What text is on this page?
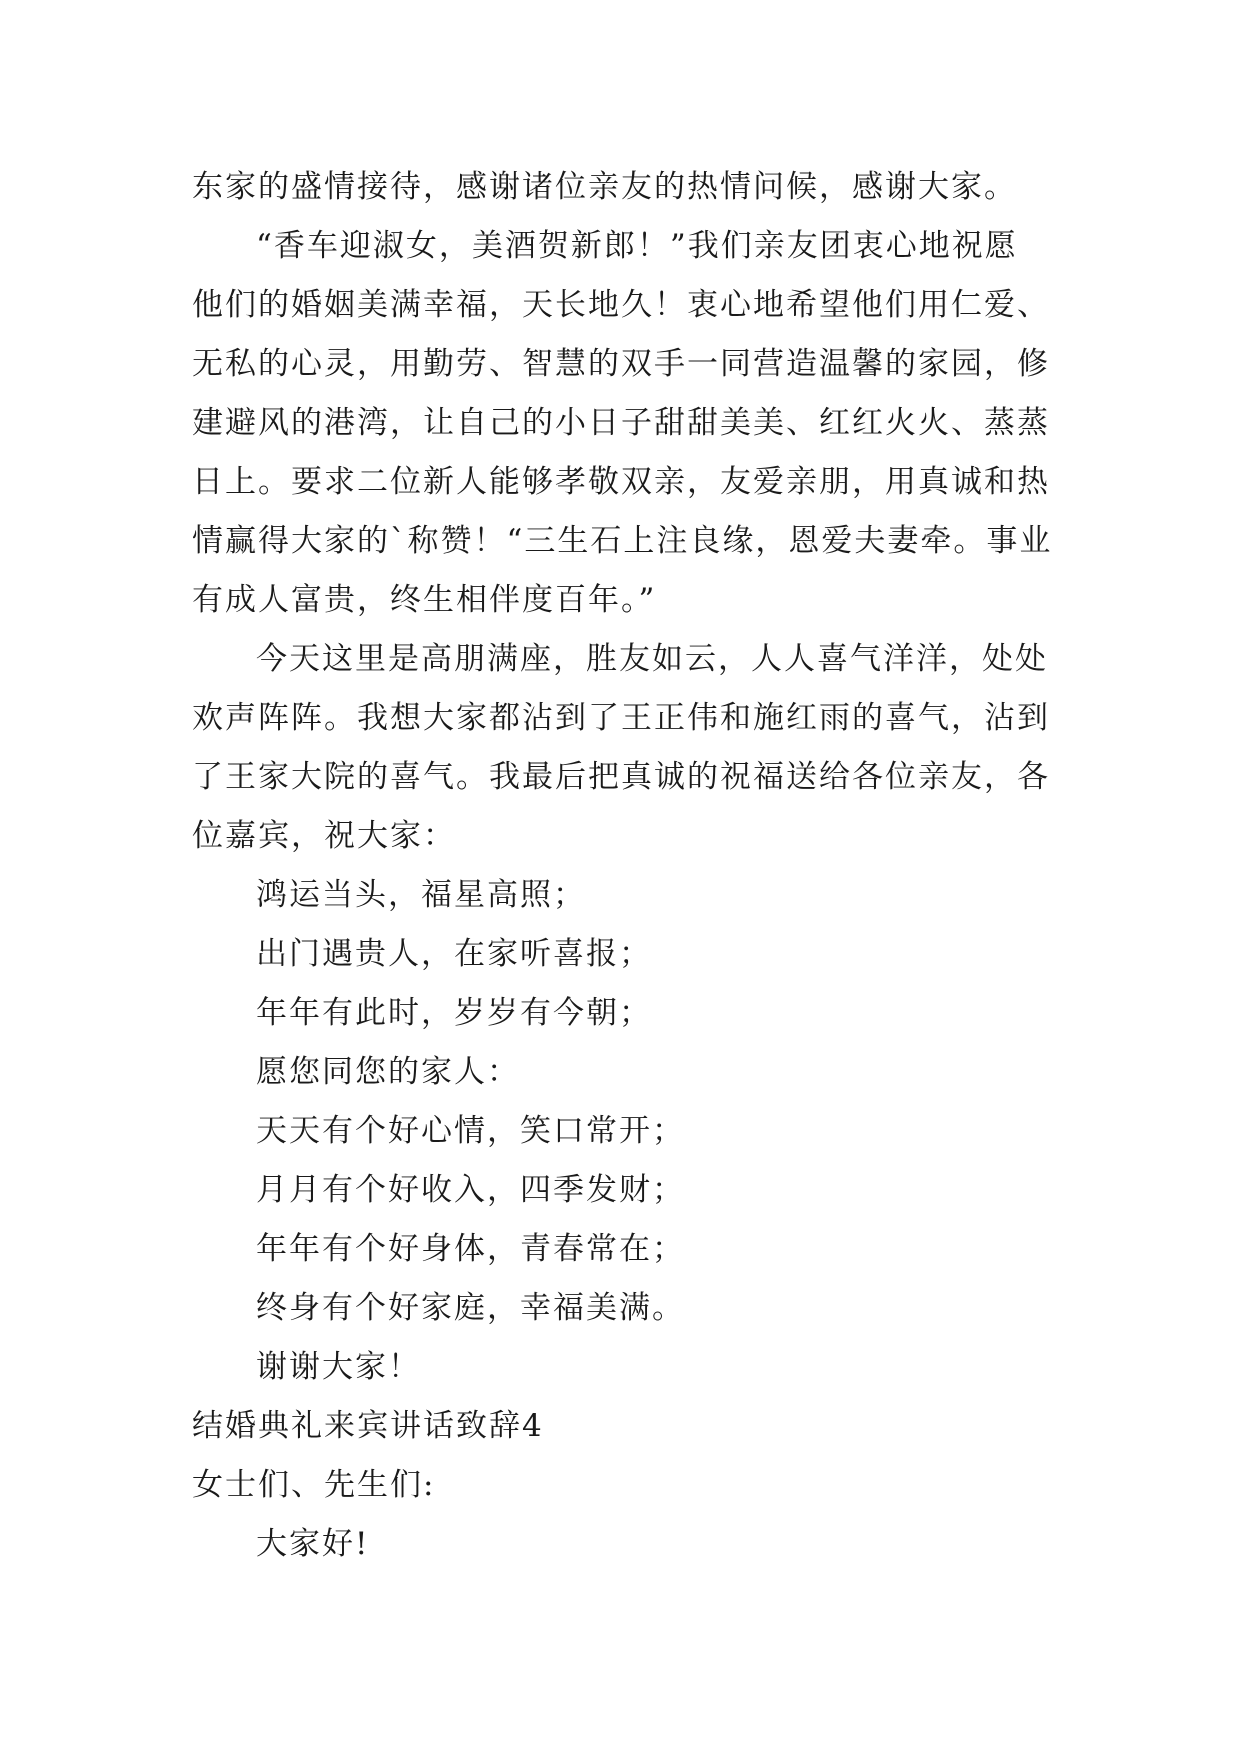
东家的盛情接待，感谢诸位亲友的热情问候，感谢大家。
“香车迎淑女，美酒贺新郎！”我们亲友团衷心地祝愿
他们的婚姻美满幸福，天长地久！衷心地希望他们用仁爱、
无私的心灵，用勤劳、智慧的双手一同营造温馨的家园，修
建避风的港湾，让自己的小日子甜甜美美、红红火火、蒸蒸
日上。要求二位新人能够孝敬双亲，友爱亲朋，用真诚和热
情赢得大家的`称赞！“三生石上注良缘，恩爱夫妻牵。事业
有成人富贵，终生相伴度百年。”
今天这里是高朋满座，胜友如云，人人喜气洋洋，处处
欢声阵阵。我想大家都沾到了王正伟和施红雨的喜气，沾到
了王家大院的喜气。我最后把真诚的祝福送给各位亲友，各
位嘉宾，祝大家：
鸿运当头，福星高照；
出门遇贵人，在家听喜报；
年年有此时，岁岁有今朝；
愿您同您的家人：
天天有个好心情，笑口常开；
月月有个好收入，四季发财；
年年有个好身体，青春常在；
终身有个好家庭，幸福美满。
谢谢大家！
结婚典礼来宾讲话致辞4
女士们、先生们:
大家好!
